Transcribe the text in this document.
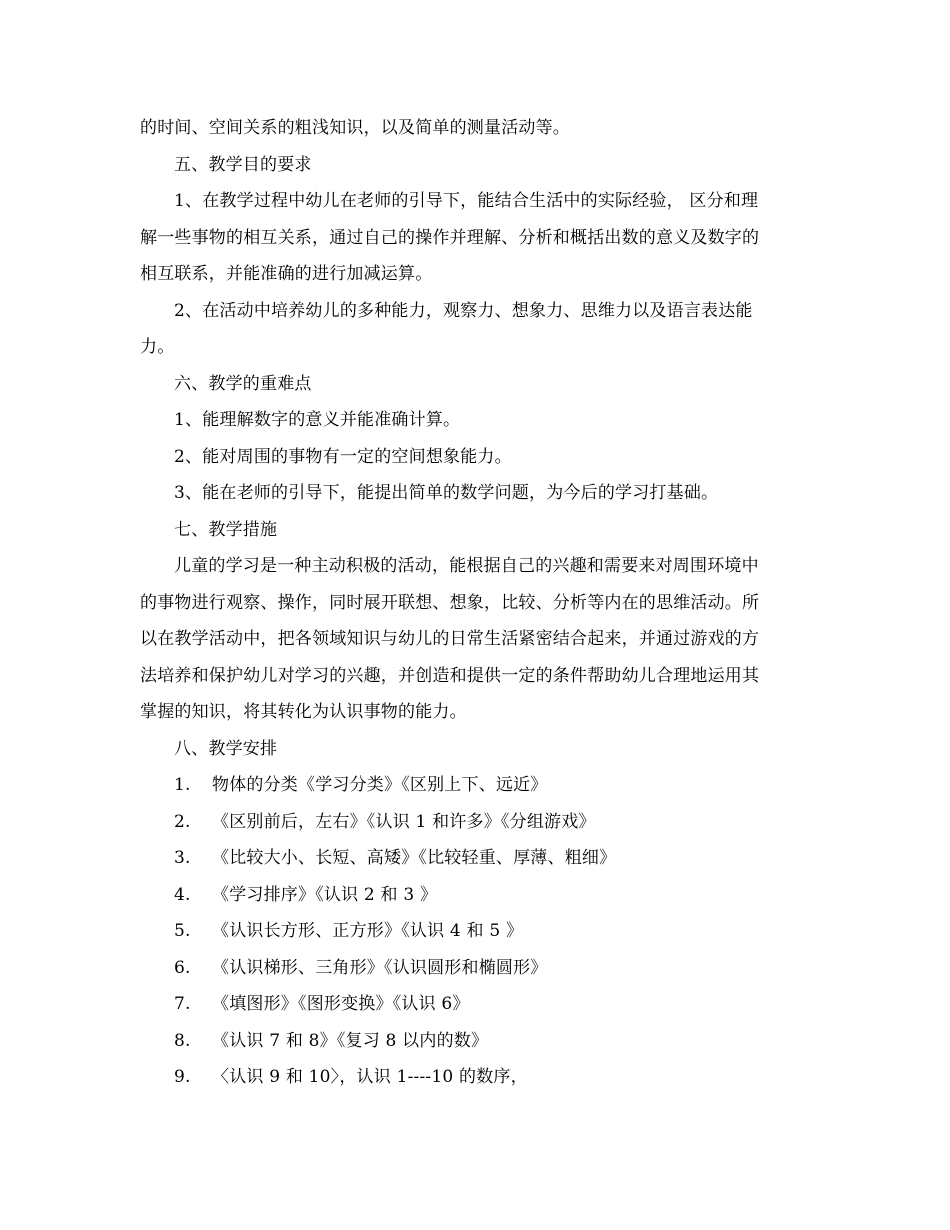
的时间、空间关系的粗浅知识，以及简单的测量活动等。
五、教学目的要求
1、在教学过程中幼儿在老师的引导下，能结合生活中的实际经验， 区分和理
解一些事物的相互关系，通过自己的操作并理解、分析和概括出数的意义及数字的
相互联系，并能准确的进行加减运算。
2、在活动中培养幼儿的多种能力，观察力、想象力、思维力以及语言表达能
力。
六、教学的重难点
1、能理解数字的意义并能准确计算。
2、能对周围的事物有一定的空间想象能力。
3、能在老师的引导下，能提出简单的数学问题，为今后的学习打基础。
七、教学措施
儿童的学习是一种主动积极的活动，能根据自己的兴趣和需要来对周围环境中
的事物进行观察、操作，同时展开联想、想象，比较、分析等内在的思维活动。所
以在教学活动中，把各领域知识与幼儿的日常生活紧密结合起来，并通过游戏的方
法培养和保护幼儿对学习的兴趣，并创造和提供一定的条件帮助幼儿合理地运用其
掌握的知识，将其转化为认识事物的能力。
八、教学安排
1. 物体的分类《学习分类》《区别上下、远近》
2. 《区别前后，左右》《认识 1 和许多》《分组游戏》
3. 《比较大小、长短、高矮》《比较轻重、厚薄、粗细》
4. 《学习排序》《认识 2 和 3 》
5. 《认识长方形、正方形》《认识 4 和 5 》
6. 《认识梯形、三角形》《认识圆形和椭圆形》
7. 《填图形》《图形变换》《认识 6》
8. 《认识 7 和 8》《复习 8 以内的数》
9. 〈认识 9 和 10〉，认识 1----10 的数序，
